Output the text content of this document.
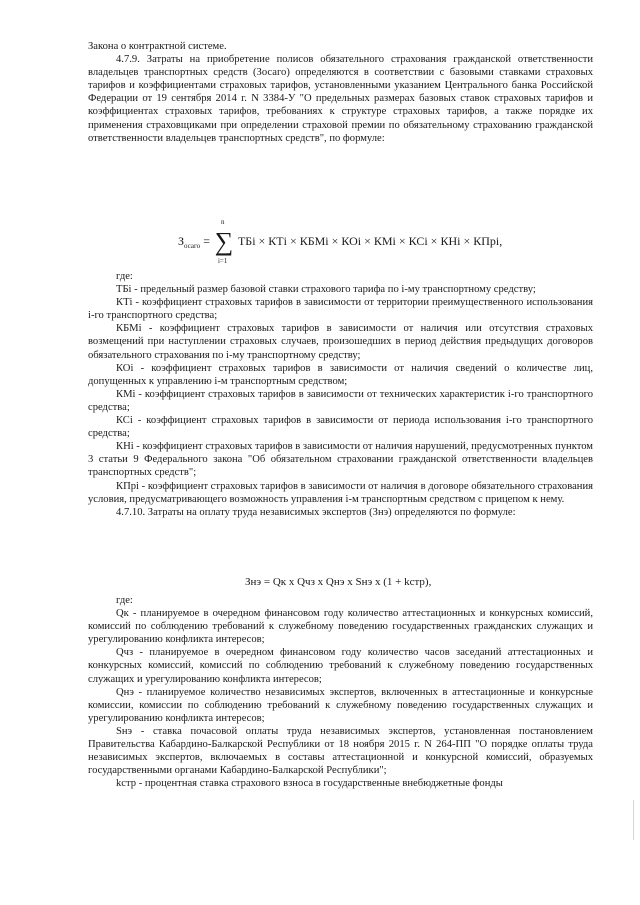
Закона о контрактной системе.

4.7.9. Затраты на приобретение полисов обязательного страхования гражданской ответственности владельцев транспортных средств (Зосаго) определяются в соответствии с базовыми ставками страховых тарифов и коэффициентами страховых тарифов, установленными указанием Центрального банка Российской Федерации от 19 сентября 2014 г. N 3384-У "О предельных размерах базовых ставок страховых тарифов и коэффициентах страховых тарифов, требованиях к структуре страховых тарифов, а также порядке их применения страховщиками при определении страховой премии по обязательному страхованию гражданской ответственности владельцев транспортных средств", по формуле:

$З_{осаго}$ =
n
∑
i=1
ТБi × КТi × КБМi × КОi × КМi × КСi × КНi × КПрi,

где:

ТБi - предельный размер базовой ставки страхового тарифа по i-му транспортному средству;

КТi - коэффициент страховых тарифов в зависимости от территории преимущественного использования i-го транспортного средства;

КБМi - коэффициент страховых тарифов в зависимости от наличия или отсутствия страховых возмещений при наступлении страховых случаев, произошедших в период действия предыдущих договоров обязательного страхования по i-му транспортному средству;

КОi - коэффициент страховых тарифов в зависимости от наличия сведений о количестве лиц, допущенных к управлению i-м транспортным средством;

КМi - коэффициент страховых тарифов в зависимости от технических характеристик i-го транспортного средства;

КСi - коэффициент страховых тарифов в зависимости от периода использования i-го транспортного средства;

КНi - коэффициент страховых тарифов в зависимости от наличия нарушений, предусмотренных пунктом 3 статьи 9 Федерального закона "Об обязательном страховании гражданской ответственности владельцев транспортных средств";

КПрi - коэффициент страховых тарифов в зависимости от наличия в договоре обязательного страхования условия, предусматривающего возможность управления i-м транспортным средством с прицепом к нему.

4.7.10. Затраты на оплату труда независимых экспертов (Знэ) определяются по формуле:

Знэ = Qк х Qчз х Qнэ х Sнэ х (1 + kстр),

где:

Qк - планируемое в очередном финансовом году количество аттестационных и конкурсных комиссий, комиссий по соблюдению требований к служебному поведению государственных гражданских служащих и урегулированию конфликта интересов;

Qчз - планируемое в очередном финансовом году количество часов заседаний аттестационных и конкурсных комиссий, комиссий по соблюдению требований к служебному поведению государственных служащих и урегулированию конфликта интересов;

Qнэ - планируемое количество независимых экспертов, включенных в аттестационные и конкурсные комиссии, комиссии по соблюдению требований к служебному поведению государственных служащих и урегулированию конфликта интересов;

Sнэ - ставка почасовой оплаты труда независимых экспертов, установленная постановлением Правительства Кабардино-Балкарской Республики от 18 ноября 2015 г. N 264-ПП "О порядке оплаты труда независимых экспертов, включаемых в составы аттестационной и конкурсной комиссий, образуемых государственными органами Кабардино-Балкарской Республики";

kстр - процентная ставка страхового взноса в государственные внебюджетные фонды
